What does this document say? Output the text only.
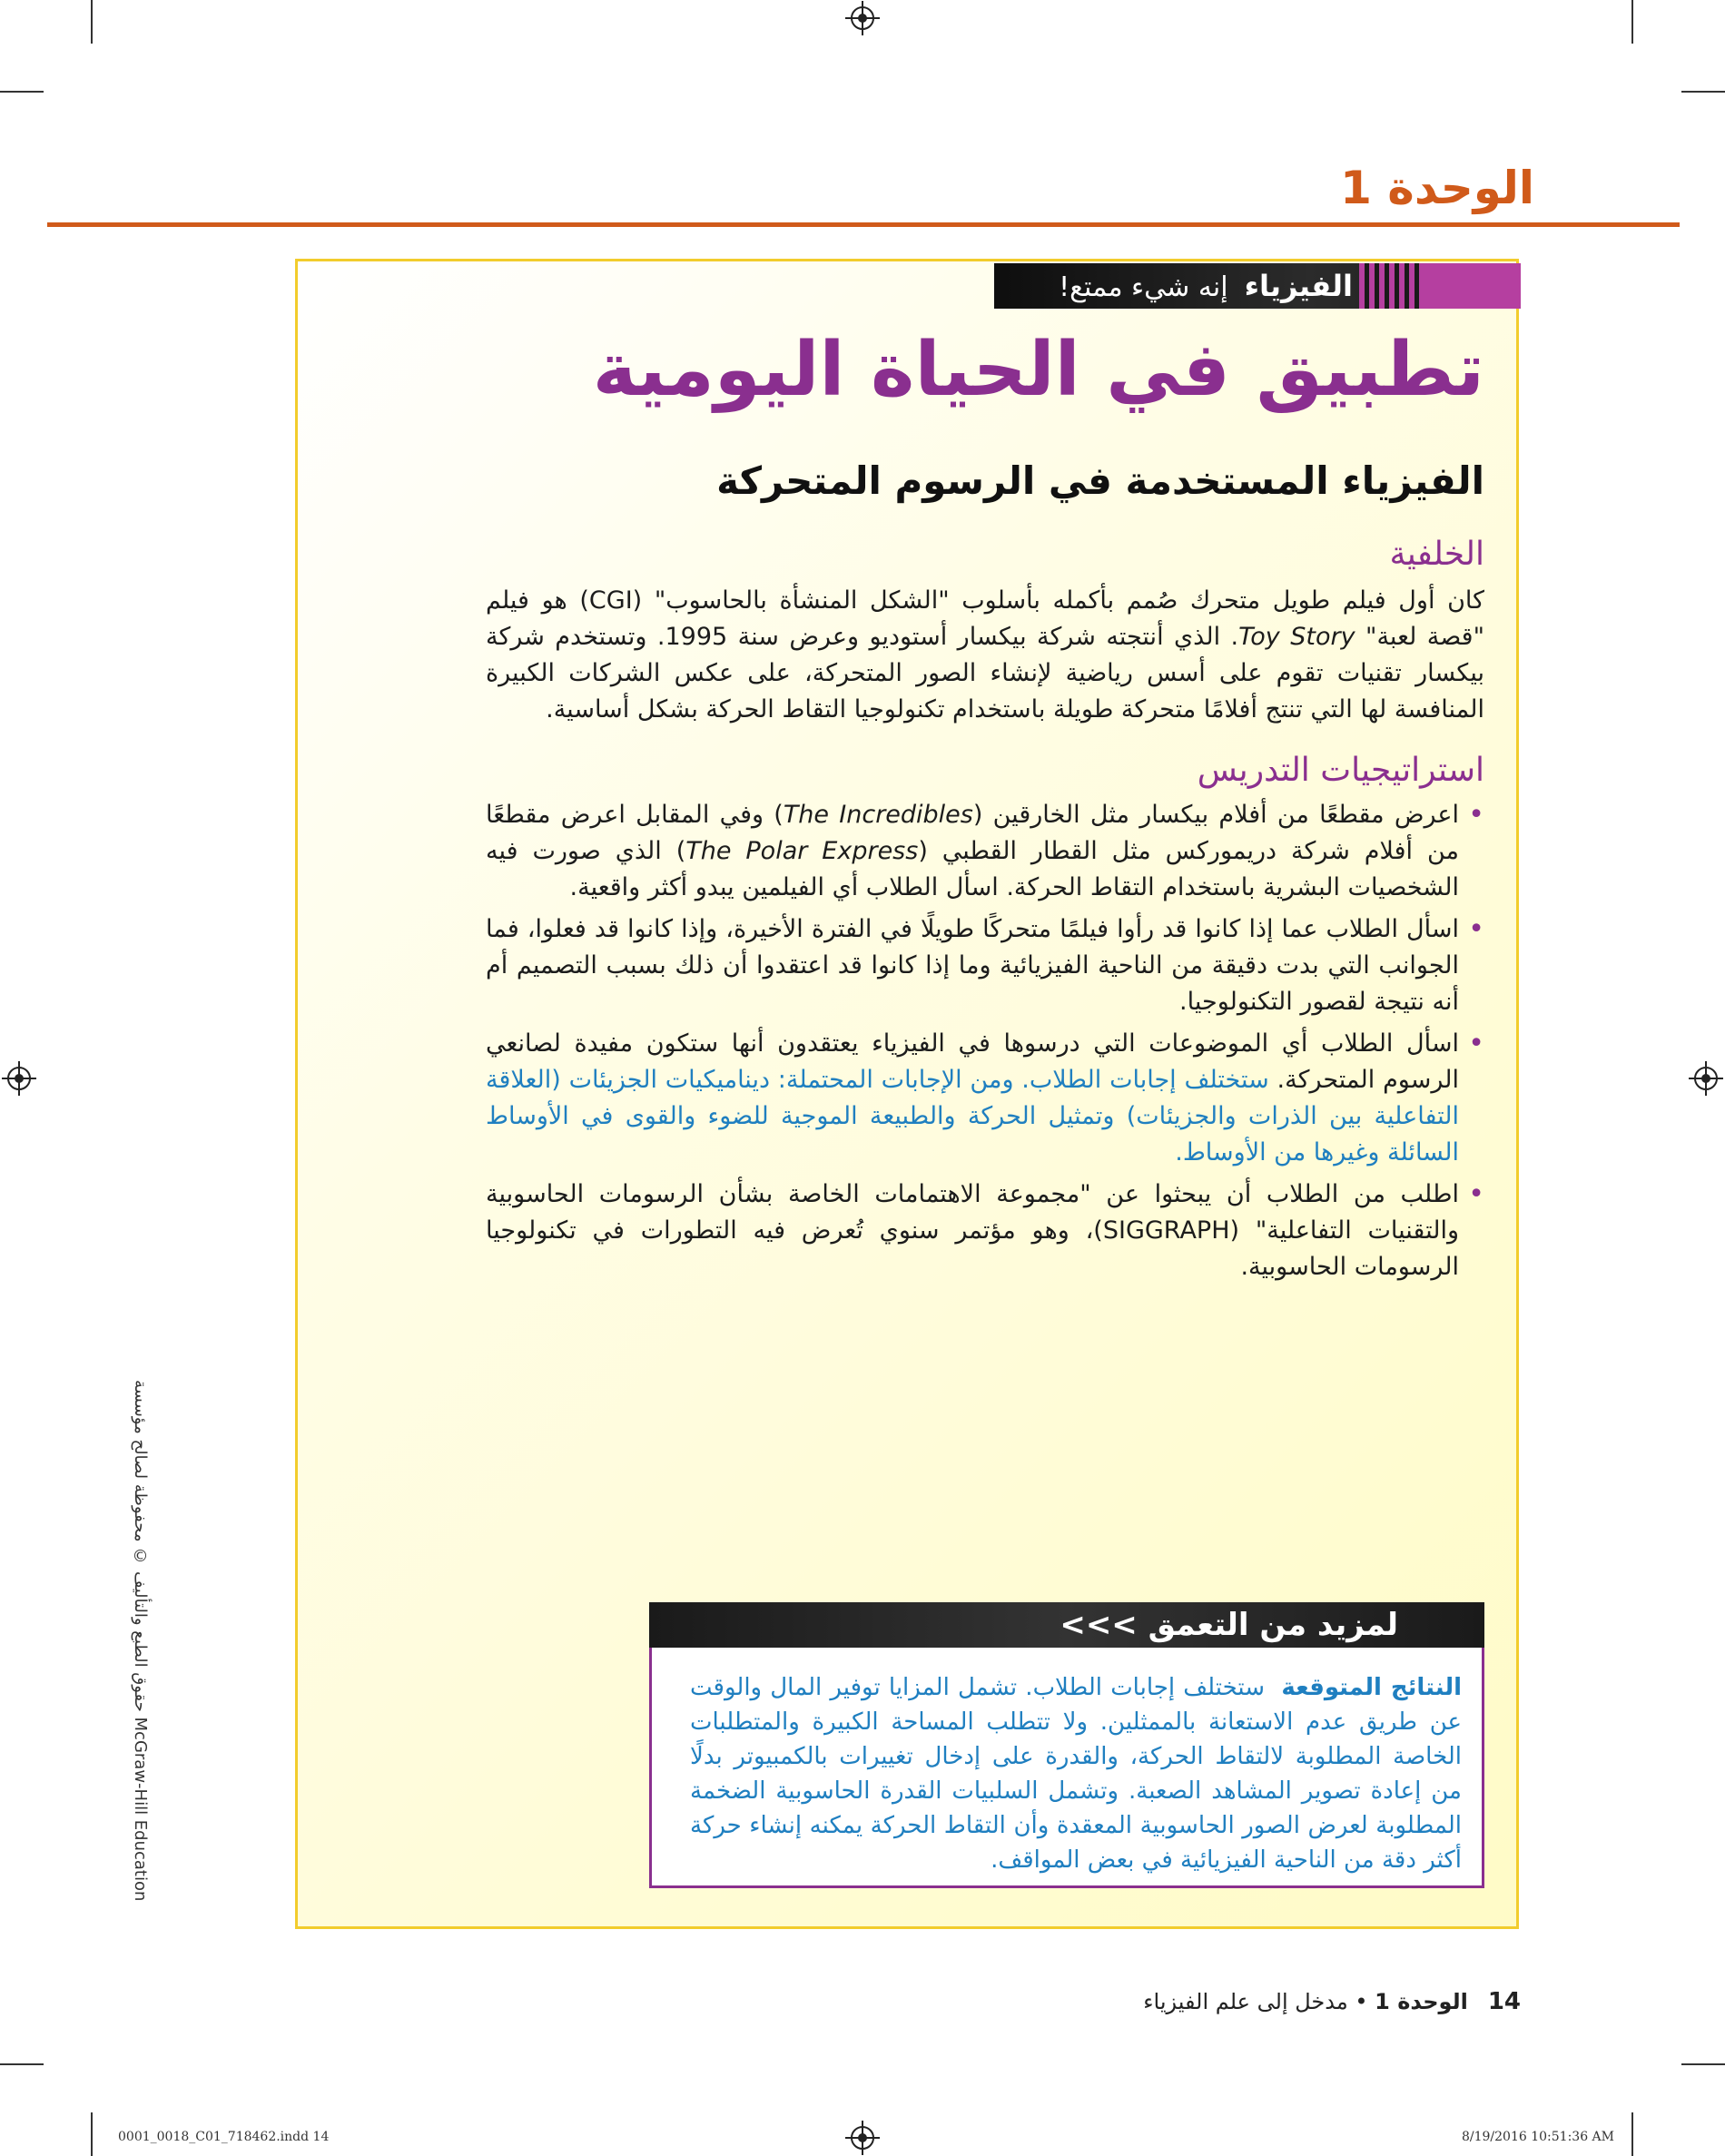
الوحدة 1
الفيزياءإنه شيء ممتع!
تطبيق في الحياة اليومية
الفيزياء المستخدمة في الرسوم المتحركة
الخلفية
كان أول فيلم طويل متحرك صُمم بأكمله بأسلوب "الشكل المنشأة بالحاسوب" (CGI) هو فيلم "قصة لعبة" Toy Story. الذي أنتجته شركة بيكسار أستوديو وعرض سنة 1995. وتستخدم شركة بيكسار تقنيات تقوم على أسس رياضية لإنشاء الصور المتحركة، على عكس الشركات الكبيرة المنافسة لها التي تنتج أفلامًا متحركة طويلة باستخدام تكنولوجيا التقاط الحركة بشكل أساسية.
استراتيجيات التدريس
• اعرض مقطعًا من أفلام بيكسار مثل الخارقين (The Incredibles) وفي المقابل اعرض مقطعًا من أفلام شركة دريموركس مثل القطار القطبي (The Polar Express) الذي صورت فيه الشخصيات البشرية باستخدام التقاط الحركة. اسأل الطلاب أي الفيلمين يبدو أكثر واقعية.
• اسأل الطلاب عما إذا كانوا قد رأوا فيلمًا متحركًا طويلًا في الفترة الأخيرة، وإذا كانوا قد فعلوا، فما الجوانب التي بدت دقيقة من الناحية الفيزيائية وما إذا كانوا قد اعتقدوا أن ذلك بسبب التصميم أم أنه نتيجة لقصور التكنولوجيا.
• اسأل الطلاب أي الموضوعات التي درسوها في الفيزياء يعتقدون أنها ستكون مفيدة لصانعي الرسوم المتحركة. ستختلف إجابات الطلاب. ومن الإجابات المحتملة: ديناميكيات الجزيئات (العلاقة التفاعلية بين الذرات والجزيئات) وتمثيل الحركة والطبيعة الموجية للضوء والقوى في الأوساط السائلة وغيرها من الأوساط.
• اطلب من الطلاب أن يبحثوا عن "مجموعة الاهتمامات الخاصة بشأن الرسومات الحاسوبية والتقنيات التفاعلية" (SIGGRAPH)، وهو مؤتمر سنوي تُعرض فيه التطورات في تكنولوجيا الرسومات الحاسوبية.
لمزيد من التعمق >>>
النتائج المتوقعة  ستختلف إجابات الطلاب. تشمل المزايا توفير المال والوقت عن طريق عدم الاستعانة بالممثلين. ولا تتطلب المساحة الكبيرة والمتطلبات الخاصة المطلوبة لالتقاط الحركة، والقدرة على إدخال تغييرات بالكمبيوتر بدلًا من إعادة تصوير المشاهد الصعبة. وتشمل السلبيات القدرة الحاسوبية الضخمة المطلوبة لعرض الصور الحاسوبية المعقدة وأن التقاط الحركة يمكنه إنشاء حركة أكثر دقة من الناحية الفيزيائية في بعض المواقف.
حقوق الطبع والتأليف © محفوظة لصالح مؤسسة McGraw-Hill Education
14الوحدة 1 • مدخل إلى علم الفيزياء
0001_0018_C01_718462.indd 14	8/19/2016 10:51:36 AM
